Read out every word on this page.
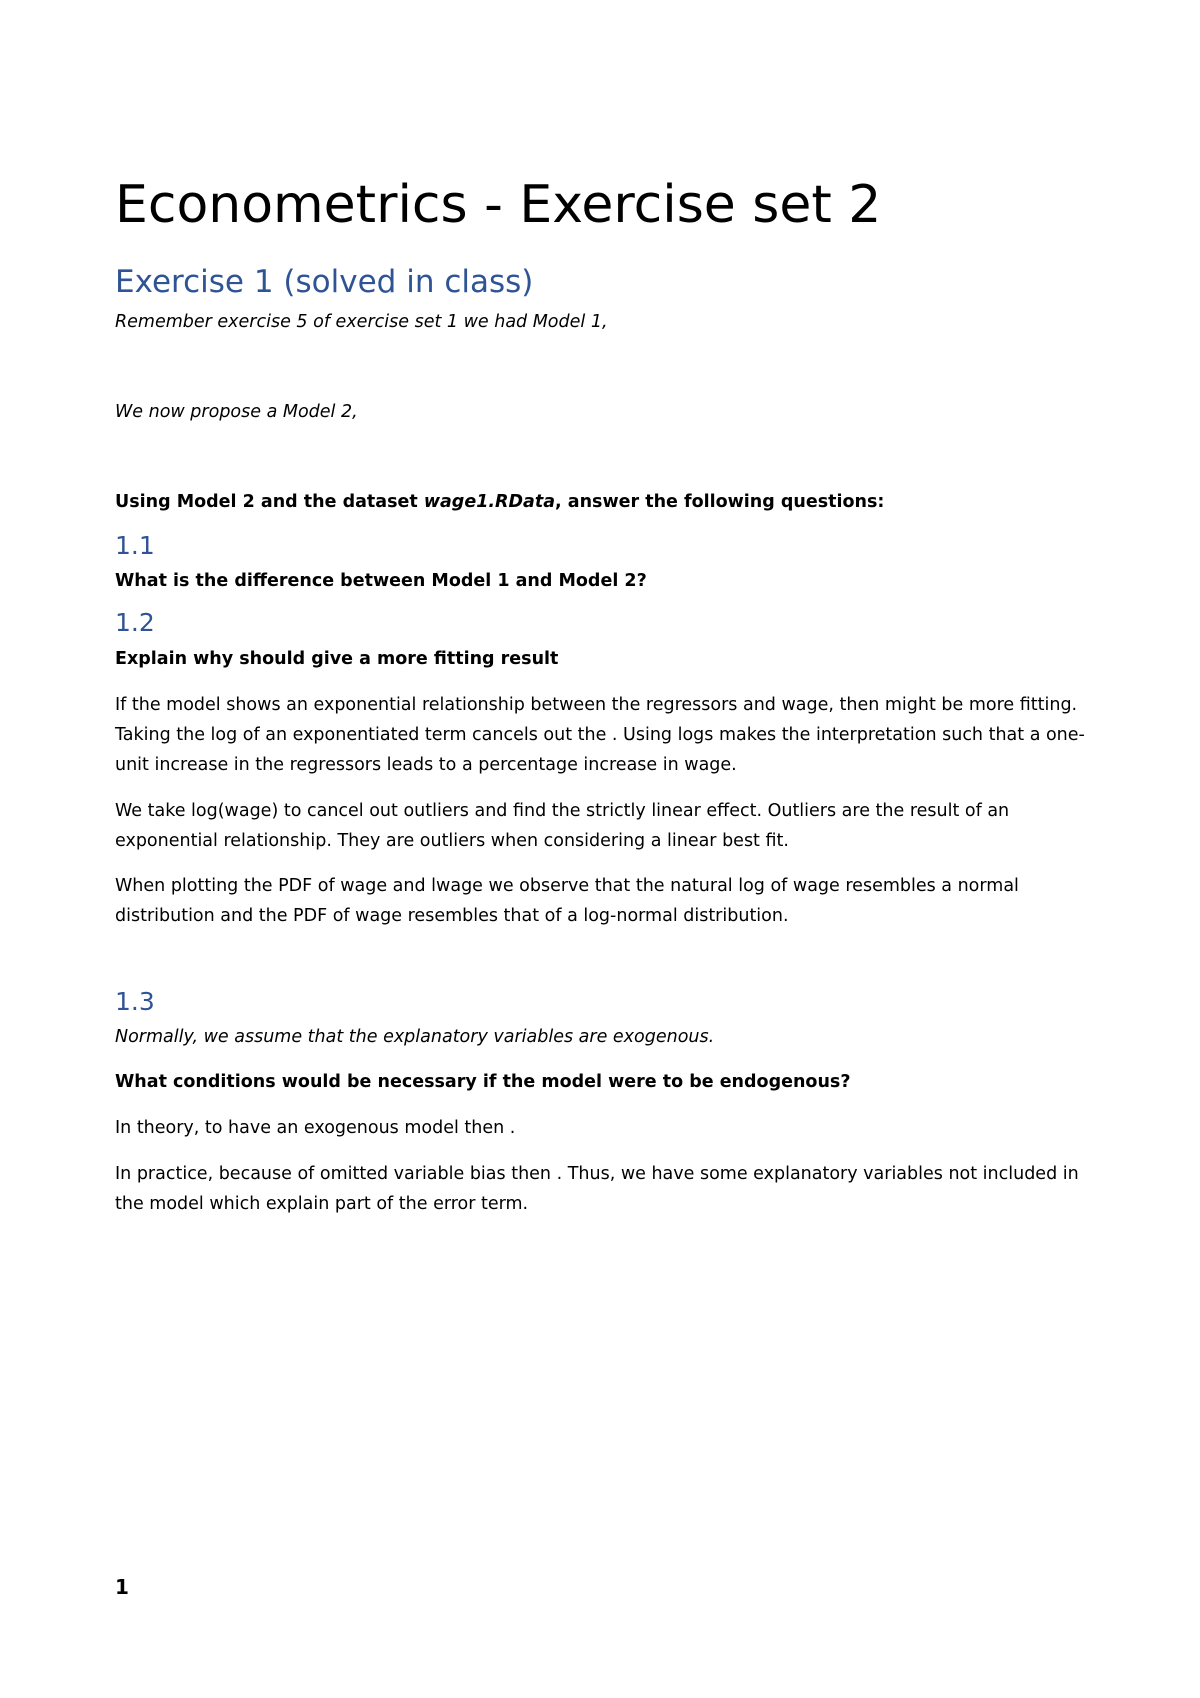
Econometrics - Exercise set 2
Exercise 1 (solved in class)
Remember exercise 5 of exercise set 1 we had Model 1,
We now propose a Model 2,
Using Model 2 and the dataset wage1.RData, answer the following questions:
1.1
What is the difference between Model 1 and Model 2?
1.2
Explain why should give a more fitting result
If the model shows an exponential relationship between the regressors and wage, then might be more fitting. Taking the log of an exponentiated term cancels out the . Using logs makes the interpretation such that a one-unit increase in the regressors leads to a percentage increase in wage.
We take log(wage) to cancel out outliers and find the strictly linear effect. Outliers are the result of an exponential relationship. They are outliers when considering a linear best fit.
When plotting the PDF of wage and lwage we observe that the natural log of wage resembles a normal distribution and the PDF of wage resembles that of a log-normal distribution.
1.3
Normally, we assume that the explanatory variables are exogenous.
What conditions would be necessary if the model were to be endogenous?
In theory, to have an exogenous model then .
In practice, because of omitted variable bias then . Thus, we have some explanatory variables not included in the model which explain part of the error term.
1
